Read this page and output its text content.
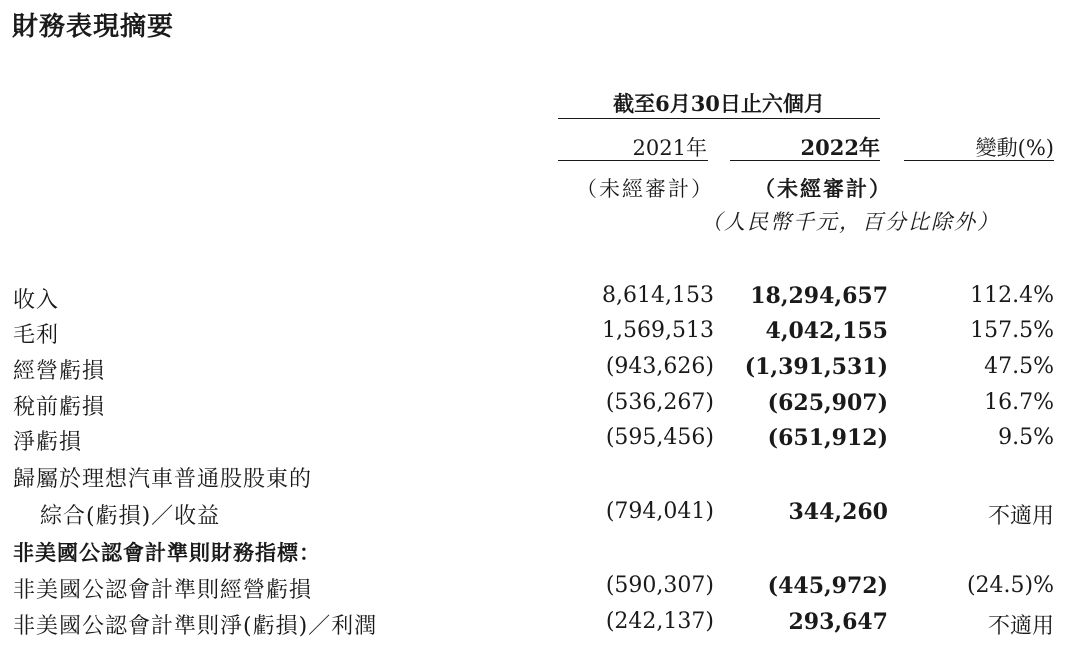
財務表現摘要
截至6月30日止六個月
2021年	2022年	變動(%)
（未經審計） （未經審計）
（人民幣千元，百分比除外）
收入	8,614,153 18,294,657	112.4%
毛利	1,569,513 4,042,155	157.5%
經營虧損	(943,626) (1,391,531)	47.5%
稅前虧損	(536,267) (625,907)	16.7%
淨虧損	(595,456) (651,912)	9.5%
歸屬於理想汽車普通股股東的
綜合(虧損)／收益	(794,041)	344,260	不適用
非美國公認會計準則財務指標：
非美國公認會計準則經營虧損	(590,307) (445,972)	(24.5)%
非美國公認會計準則淨(虧損)／利潤	(242,137)	293,647	不適用
